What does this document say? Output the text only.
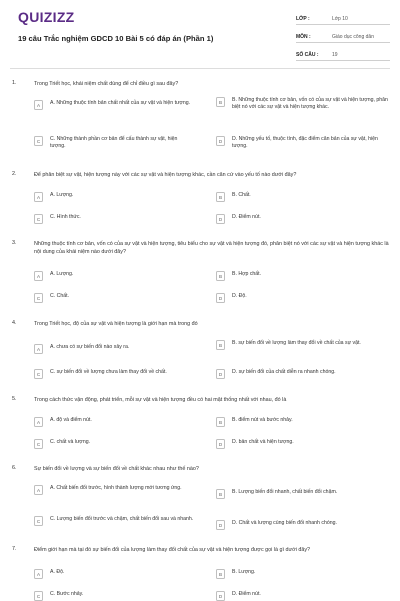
QUIZIZZ
19 câu Trắc nghiệm GDCD 10 Bài 5 có đáp án (Phần 1)
LỚP :	Lớp 10
MÔN :	Giáo dục công dân
SỐ CÂU :	19
1.	Trong Triết học, khái niệm chất dùng để chỉ điều gì sau đây?
A	A. Những thuộc tính bản chất nhất của sự vật và hiện tượng.	B	B. Những thuộc tính cơ bản, vốn có của sự vật và hiện tượng, phân biệt nó với các sự vật và hiện tượng khác.
C	C. Những thành phần cơ bản để cấu thành sự vật, hiện tượng.
D	D. Những yếu tố, thuộc tính, đặc điểm căn bản của sự vật, hiện tượng.
2.	Để phân biệt sự vật, hiện tượng này với các sự vật và hiện tượng khác, cần căn cứ vào yếu tố nào dưới đây?
A	A. Lượng.	B	B. Chất.
C	C. Hình thức.	D	D. Điểm nút.
3.	Những thuộc tính cơ bản, vốn có của sự vật và hiện tượng, tiêu biểu cho sự vật và hiện tượng đó, phân biệt nó với các sự vật và hiện tượng khác là nội dung của khái niệm nào dưới đây?
A	A. Lượng.	B	B. Hợp chất.
C	C. Chất.	D	D. Độ.
4.	Trong Triết học, độ của sự vật và hiện tượng là giới hạn mà trong đó
A	A. chưa có sự biến đổi nào xảy ra.	B	B. sự biến đổi về lượng làm thay đổi về chất của sự vật.
C	C. sự biến đổi về lượng chưa làm thay đổi về chất.	D	D. sự biến đổi của chất diễn ra nhanh chóng.
5.	Trong cách thức vận động, phát triển, mỗi sự vật và hiện tượng đều có hai mặt thống nhất với nhau, đó là
A	A. độ và điểm nút.	B	B. điểm nút và bước nhảy.
C	C. chất và lượng.	D	D. bản chất và hiện tượng.
6.	Sự biến đổi về lượng và sự biến đổi về chất khác nhau như thế nào?
A	A. Chất biến đổi trước, hình thành lượng mới tương ứng.
B	B. Lượng biến đổi nhanh, chất biến đổi chậm.
C	C. Lượng biến đổi trước và chậm, chất biến đổi sau và nhanh.
D	D. Chất và lượng cùng biến đổi nhanh chóng.
7.	Điểm giới hạn mà tại đó sự biến đổi của lượng làm thay đổi chất của sự vật và hiện tượng được gọi là gì dưới đây?
A	A. Độ.	B	B. Lượng.
C	C. Bước nhảy.	D	D. Điểm nút.
